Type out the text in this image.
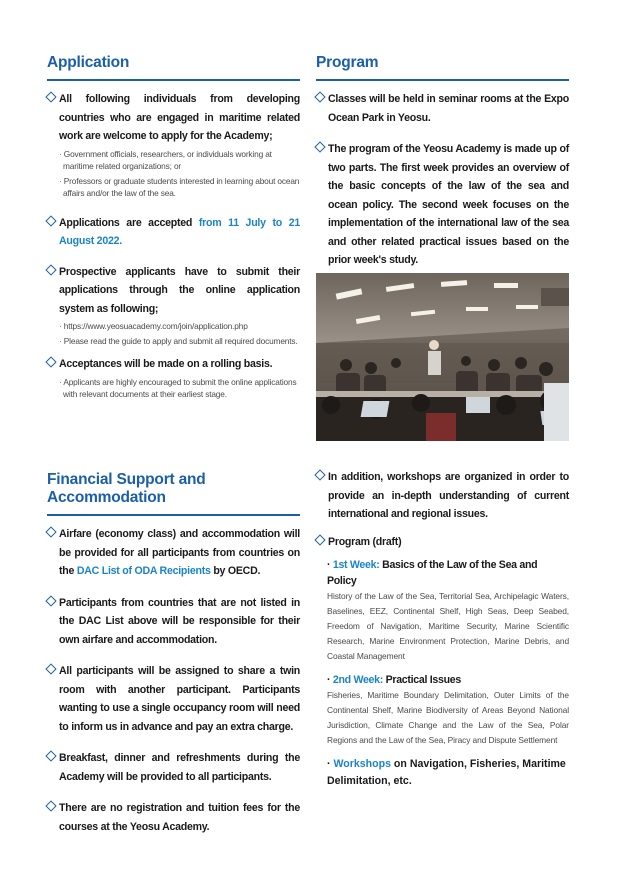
Application
All following individuals from developing countries who are engaged in maritime related work are welcome to apply for the Academy;

· Government officials, researchers, or individuals working at maritime related organizations; or

· Professors or graduate students interested in learning about ocean affairs and/or the law of the sea.

Applications are accepted from 11 July to 21 August 2022.
Prospective applicants have to submit their applications through the online application system as following;

· https://www.yeosuacademy.com/join/application.php

· Please read the guide to apply and submit all required documents.

Acceptances will be made on a rolling basis.

· Applicants are highly encouraged to submit the online applications with relevant documents at their earliest stage.

Program
Classes will be held in seminar rooms at the Expo Ocean Park in Yeosu.
The program of the Yeosu Academy is made up of two parts. The first week provides an overview of the basic concepts of the law of the sea and ocean policy. The second week focuses on the implementation of the international law of the sea and other related practical issues based on the prior week's study.
Financial Support and Accommodation
Airfare (economy class) and accommodation will be provided for all participants from countries on the DAC List of ODA Recipients by OECD.
Participants from countries that are not listed in the DAC List above will be responsible for their own airfare and accommodation.
All participants will be assigned to share a twin room with another participant. Participants wanting to use a single occupancy room will need to inform us in advance and pay an extra charge.
Breakfast, dinner and refreshments during the Academy will be provided to all participants.
There are no registration and tuition fees for the courses at the Yeosu Academy.
In addition, workshops are organized in order to provide an in-depth understanding of current international and regional issues.
Program (draft)
· 1st Week: Basics of the Law of the Sea and Policy
History of the Law of the Sea, Territorial Sea, Archipelagic Waters, Baselines, EEZ, Continental Shelf, High Seas, Deep Seabed, Freedom of Navigation, Maritime Security, Marine Scientific Research, Marine Environment Protection, Marine Debris, and Coastal Management
· 2nd Week: Practical Issues
Fisheries, Maritime Boundary Delimitation, Outer Limits of the Continental Shelf, Marine Biodiversity of Areas Beyond National Jurisdiction, Climate Change and the Law of the Sea, Polar Regions and the Law of the Sea, Piracy and Dispute Settlement
· Workshops on Navigation, Fisheries, Maritime Delimitation, etc.
